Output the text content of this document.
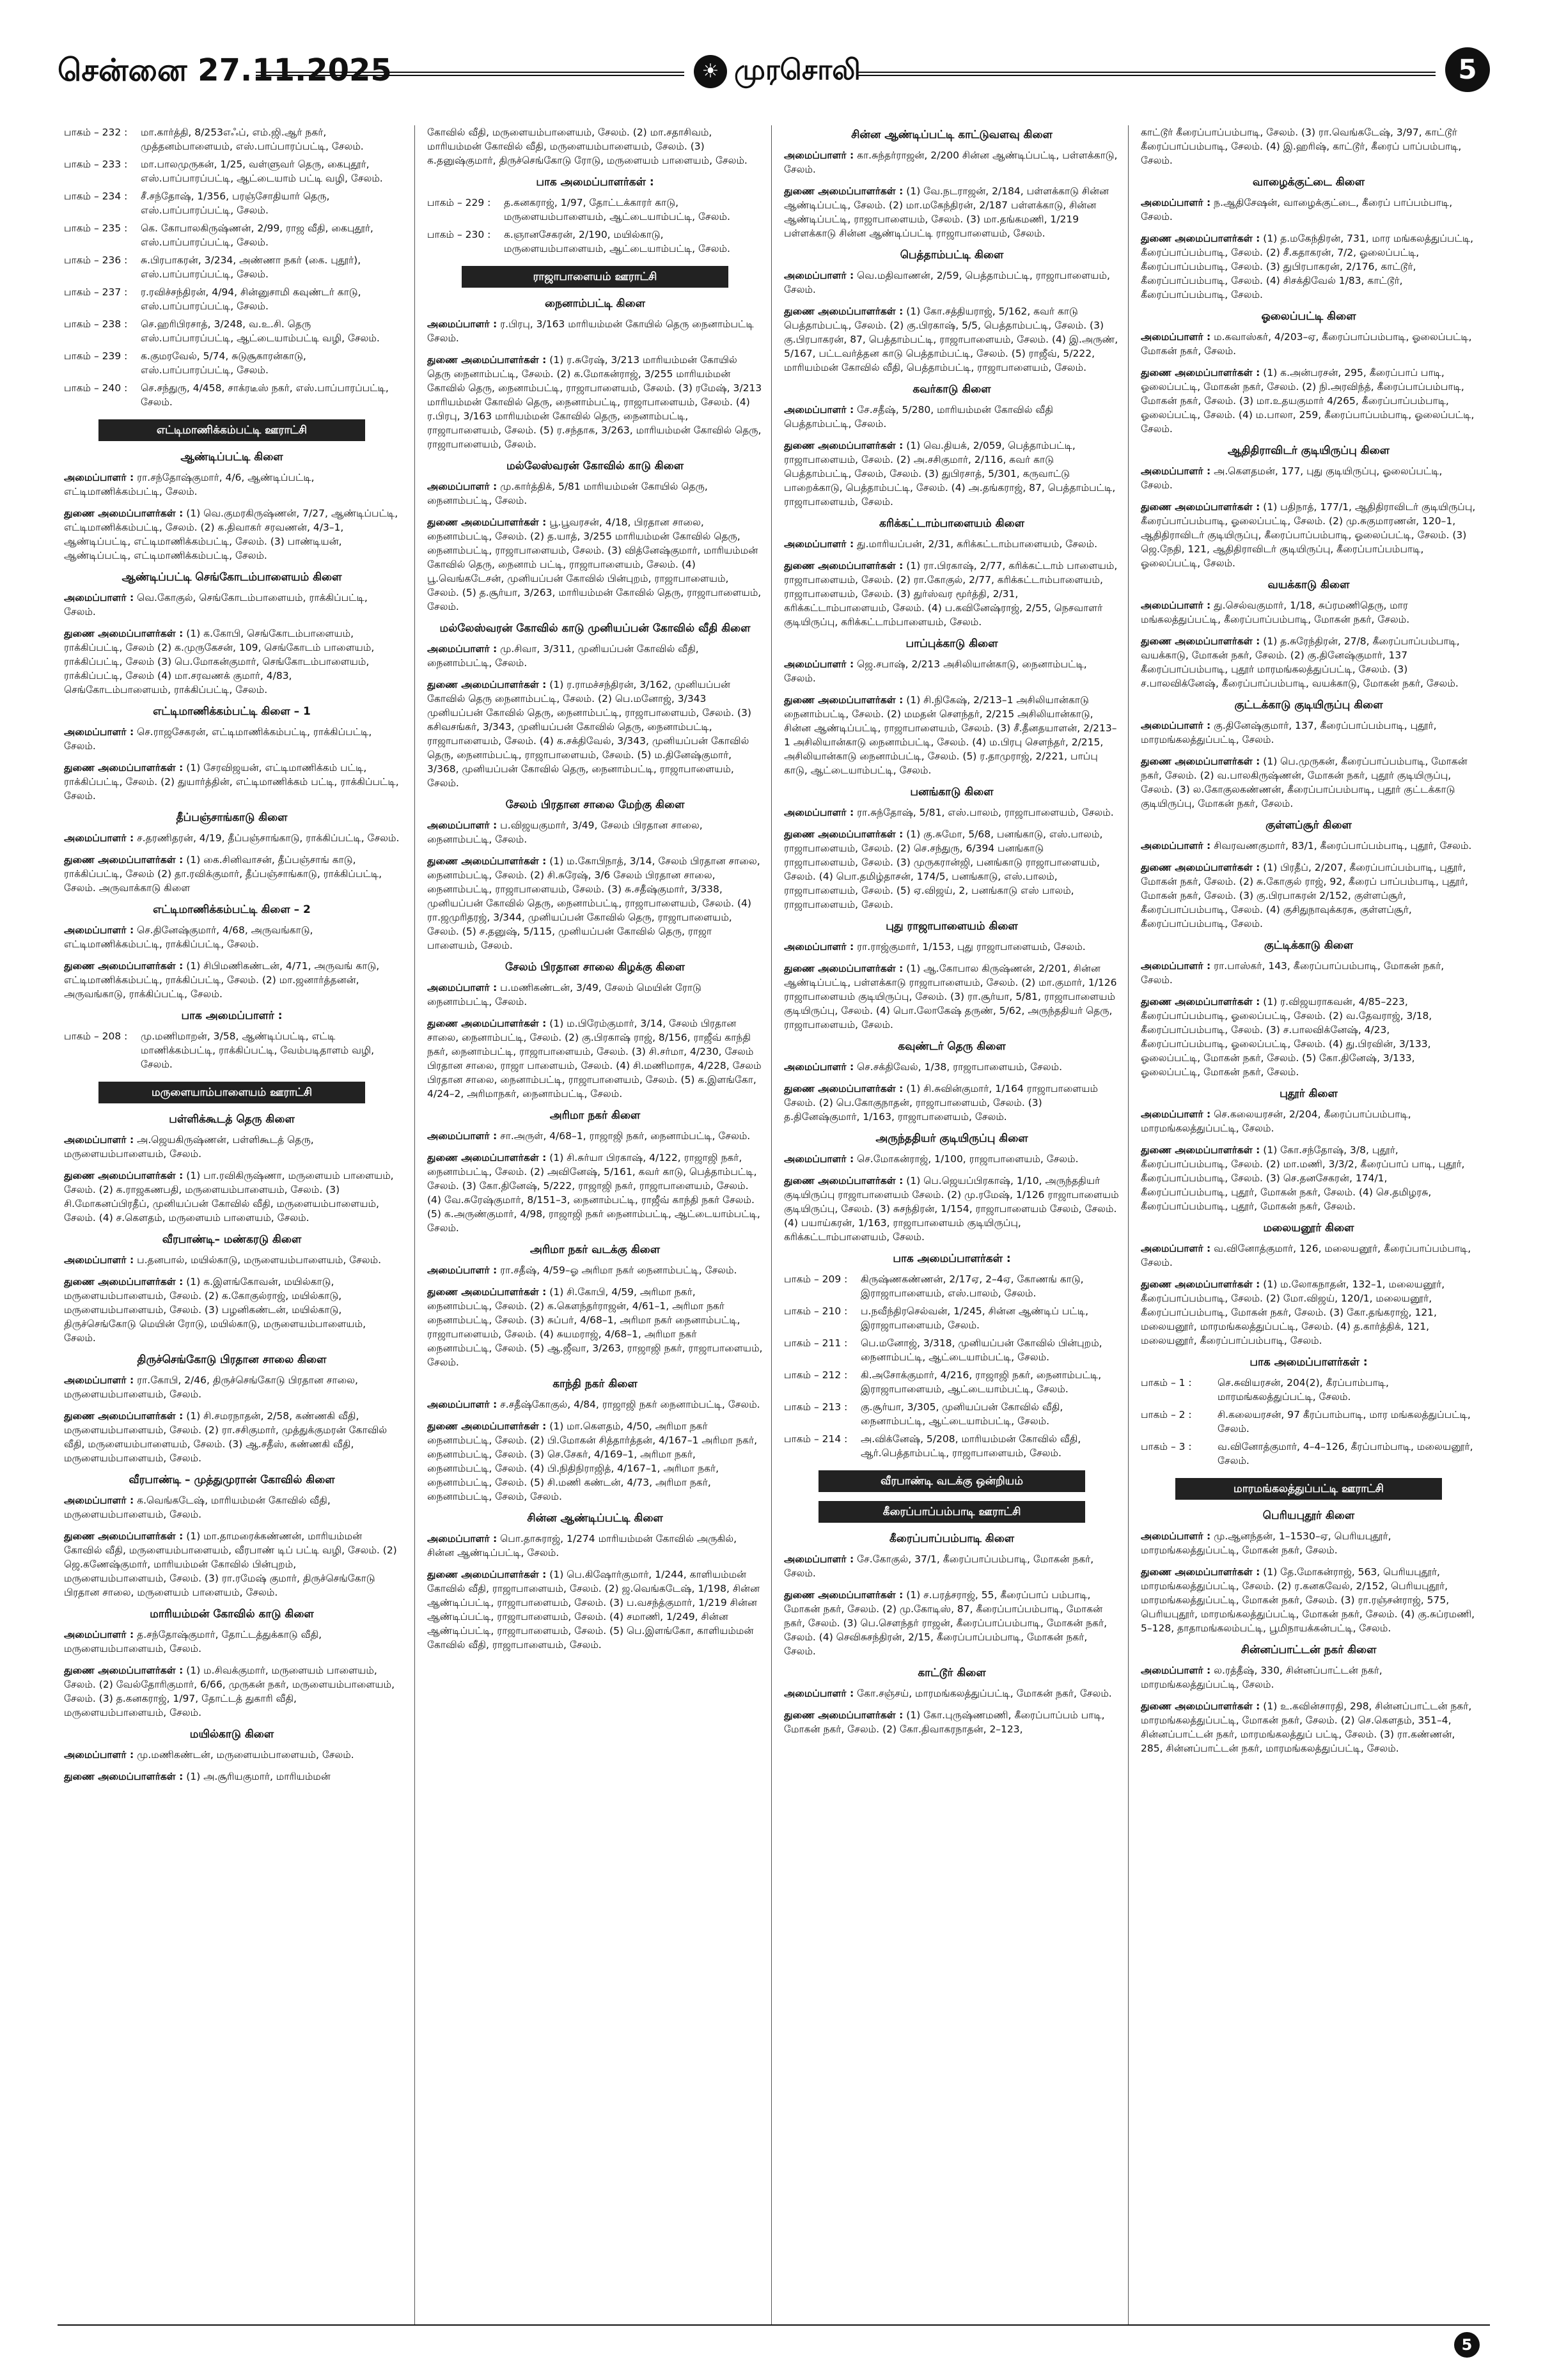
சென்னை 27.11.2025	☀ முரசொலி	5
பாகம் – 232 :	மா.கார்த்தி, 8/253எஃப், எம்.ஜி.ஆர் நகர், முத்தனம்பாளையம், எஸ்.பாப்பாரப்பட்டி, சேலம்.
பாகம் – 233 :	மா.பாலமுருகன், 1/25, வள்ளுவர் தெரு, கைபுதூர், எஸ்.பாப்பாரப்பட்டி, ஆட்டையாம் பட்டி வழி, சேலம்.
பாகம் – 234 :	சீ.சந்தோஷ், 1/356, பரஞ்சோதியார் தெரு, எஸ்.பாப்பாரப்பட்டி, சேலம்.
பாகம் – 235 :	கெ. கோபாலகிருஷ்ணன், 2/99, ராஜ வீதி, கைபுதூர், எஸ்.பாப்பாரப்பட்டி, சேலம்.
பாகம் – 236 :	சு.பிரபாகரன், 3/234, அண்ணா நகர் (கை. புதூர்), எஸ்.பாப்பாரப்பட்டி, சேலம்.
பாகம் – 237 :	ர.ரவிச்சந்திரன், 4/94, சின்னுசாமி கவுண்டர் காடு, எஸ்.பாப்பாரப்பட்டி, சேலம்.
பாகம் – 238 :	செ.ஹரிபிரசாத், 3/248, வ.உ.சி. தெரு எஸ்.பாப்பாரப்பட்டி, ஆட்டையாம்பட்டி வழி, சேலம்.
பாகம் – 239 :	க.குமரவேல், 5/74, சுடுசூகாரன்காடு, எஸ்.பாப்பாரப்பட்டி, சேலம்.
பாகம் – 240 :	செ.சந்துரு, 4/458, சாக்ரடீஸ் நகர், எஸ்.பாப்பாரப்பட்டி, சேலம்.
எட்டிமாணிக்கம்பட்டி ஊராட்சி
ஆண்டிப்பட்டி கிளை

அமைப்பாளர் : ரா.சந்தோஷ்குமார், 4/6, ஆண்டிப்பட்டி, எட்டிமாணிக்கம்பட்டி, சேலம்.

துணை அமைப்பாளர்கள் : (1) வெ.குமரகிருஷ்ணன், 7/27, ஆண்டிப்பட்டி, எட்டிமாணிக்கம்பட்டி, சேலம். (2) க.திவாகர் சரவணன், 4/3–1, ஆண்டிப்பட்டி, எட்டிமாணிக்கம்பட்டி, சேலம். (3) பாண்டியன், ஆண்டிப்பட்டி, எட்டிமாணிக்கம்பட்டி, சேலம்.

ஆண்டிப்பட்டி செங்கோடம்பாளையம் கிளை

அமைப்பாளர் : வெ.கோகுல், செங்கோடம்பாளையம், ராக்கிப்பட்டி, சேலம்.

துணை அமைப்பாளர்கள் : (1) க.கோபி, செங்கோடம்பாளையம், ராக்கிப்பட்டி, சேலம் (2) க.முருகேசன், 109, செங்கோடம் பாளையம், ராக்கிப்பட்டி, சேலம் (3) பெ.மோகன்குமார், செங்கோடம்பாளையம், ராக்கிப்பட்டி, சேலம் (4) மா.சரவணக் குமார், 4/83, செங்கோடம்பாளையம், ராக்கிப்பட்டி, சேலம்.

எட்டிமாணிக்கம்பட்டி கிளை – 1

அமைப்பாளர் : செ.ராஜசேகரன், எட்டிமாணிக்கம்பட்டி, ராக்கிப்பட்டி, சேலம்.

துணை அமைப்பாளர்கள் : (1) சேரவிஜயன், எட்டிமாணிக்கம் பட்டி, ராக்கிப்பட்டி, சேலம். (2) துயார்த்தின், எட்டிமாணிக்கம் பட்டி, ராக்கிப்பட்டி, சேலம்.

தீப்பஞ்சாங்காடு கிளை

அமைப்பாளர் : ச.தரணிதரன், 4/19, தீப்பஞ்சாங்காடு, ராக்கிப்பட்டி, சேலம்.

துணை அமைப்பாளர்கள் : (1) கை.சினிவாசன், தீப்பஞ்சாங் காடு, ராக்கிப்பட்டி, சேலம் (2) தா.ரவிக்குமார், தீப்பஞ்சாங்காடு, ராக்கிப்பட்டி, சேலம். அருவாக்காடு கிளை

எட்டிமாணிக்கம்பட்டி கிளை – 2

அமைப்பாளர் : செ.தினேஷ்குமார், 4/68, அருவங்காடு, எட்டிமாணிக்கம்பட்டி, ராக்கிப்பட்டி, சேலம்.

துணை அமைப்பாளர்கள் : (1) சிபிமணிகண்டன், 4/71, அருவங் காடு, எட்டிமாணிக்கம்பட்டி, ராக்கிப்பட்டி, சேலம். (2) மா.ஜனார்த்தனன், அருவங்காடு, ராக்கிப்பட்டி, சேலம்.

பாக அமைப்பாளர் :
பாகம் – 208 :	மு.மணிமாறன், 3/58, ஆண்டிப்பட்டி, எட்டி மாணிக்கம்பட்டி, ராக்கிப்பட்டி, வேம்படிதாளம் வழி, சேலம்.
மருளையாம்பாளையம் ஊராட்சி
பள்ளிக்கூடத் தெரு கிளை

அமைப்பாளர் : அ.ஜெயகிருஷ்ணன், பள்ளிகூடத் தெரு, மருளையம்பாளையம், சேலம்.

துணை அமைப்பாளர்கள் : (1) பா.ரவிகிருஷ்ணா, மருளையம் பாளையம், சேலம். (2) க.ராஜகணபதி, மருளையம்பாளையம், சேலம். (3) சி.மோகனப்பிரதீப், முனியப்பன் கோவில் வீதி, மருளையம்பாளையம், சேலம். (4) ச.கௌதம், மருளையம் பாளையம், சேலம்.

வீரபாண்டி– மண்கரடு கிளை

அமைப்பாளர் : ப.தனபால், மயில்காடு, மருளையம்பாளையம், சேலம்.

துணை அமைப்பாளர்கள் : (1) க.இளங்கோவன், மயில்காடு, மருளையம்பாளையம், சேலம். (2) க.கோகுல்ராஜ், மயில்காடு, மருளையம்பாளையம், சேலம். (3) பழனிகண்டன், மயில்காடு, திருச்செங்கோடு மெயின் ரோடு, மயில்காடு, மருளையம்பாளையம், சேலம்.

திருச்செங்கோடு பிரதான சாலை கிளை

அமைப்பாளர் : ரா.கோபி, 2/46, திருச்செங்கோடு பிரதான சாலை, மருளையம்பாளையம், சேலம்.

துணை அமைப்பாளர்கள் : (1) சி.சமரநாதன், 2/58, கண்ணகி வீதி, மருளையம்பாளையம், சேலம். (2) ரா.சசிகுமார், முத்துக்குமரன் கோவில் வீதி, மருளையம்பாளையம், சேலம். (3) ஆ.சதீஸ், கண்ணகி வீதி, மருளையம்பாளையம், சேலம்.

வீரபாண்டி – முத்துமுரான் கோவில் கிளை

அமைப்பாளர் : க.வெங்கடேஷ், மாரியம்மன் கோவில் வீதி, மருளையம்பாளையம், சேலம்.

துணை அமைப்பாளர்கள் : (1) மா.தாமரைக்கண்ணன், மாரியம்மன் கோவில் வீதி, மருளையம்பாளையம், வீரபாண் டிப் பட்டி வழி, சேலம். (2) ஜெ.கணேஷ்குமார், மாரியம்மன் கோவில் பின்புறம், மருளையம்பாளையம், சேலம். (3) ரா.ரமேஷ் குமார், திருச்செங்கோடு பிரதான சாலை, மருளையம் பாளையம், சேலம்.

மாரியம்மன் கோவில் காடு கிளை

அமைப்பாளர் : த.சந்தோஷ்குமார், தோட்டத்துக்காடு வீதி, மருளையம்பாளையம், சேலம்.

துணை அமைப்பாளர்கள் : (1) ம.சிவக்குமார், மருளையம் பாளையம், சேலம். (2) வேல்தோரிகுமார், 6/66, முருகன் நகர், மருளையம்பாளையம், சேலம். (3) த.கனகராஜ், 1/97, தோட்டத் துகாரி வீதி, மருளையம்பாளையம், சேலம்.

மயில்காடு கிளை

அமைப்பாளர் : மு.மணிகண்டன், மருளையம்பாளையம், சேலம்.

துணை அமைப்பாளர்கள் : (1) அ.சூரியகுமார், மாரியம்மன்

கோவில் வீதி, மருளையம்பாளையம், சேலம். (2) மா.சதாசிவம், மாரியம்மன் கோவில் வீதி, மருளையம்பாளையம், சேலம். (3) க.தனுஷ்குமார், திருச்செங்கோடு ரோடு, மருளையம் பாளையம், சேலம்.

பாக அமைப்பாளர்கள் :
பாகம் – 229 :	த.கனகராஜ், 1/97, தோட்டக்காரர் காடு, மருளையம்பாளையம், ஆட்டையாம்பட்டி, சேலம்.
பாகம் – 230 :	க.ஞானசேகரன், 2/190, மயில்காடு, மருளையம்பாளையம், ஆட்டையாம்பட்டி, சேலம்.
ராஜாபாளையம் ஊராட்சி
நைனாம்பட்டி கிளை

அமைப்பாளர் : ர.பிரபு, 3/163 மாரியம்மன் கோயில் தெரு நைனாம்பட்டி சேலம்.

துணை அமைப்பாளர்கள் : (1) ர.சுரேஷ், 3/213 மாரியம்மன் கோயில் தெரு நைனாம்பட்டி, சேலம். (2) க.மோகன்ராஜ், 3/255 மாரியம்மன் கோவில் தெரு, நைனாம்பட்டி, ராஜாபாளையம், சேலம். (3) ரமேஷ், 3/213 மாரியம்மன் கோவில் தெரு, நைனாம்பட்டி, ராஜாபாளையம், சேலம். (4) ர.பிரபு, 3/163 மாரியம்மன் கோவில் தெரு, நைனாம்பட்டி, ராஜாபாளையம், சேலம். (5) ர.சந்தாக, 3/263, மாரியம்மன் கோவில் தெரு, ராஜாபாளையம், சேலம்.

மல்லேஸ்வரன் கோவில் காடு கிளை

அமைப்பாளர் : மு.கார்த்திக், 5/81 மாரியம்மன் கோயில் தெரு, நைனாம்பட்டி, சேலம்.

துணை அமைப்பாளர்கள் : பூ.பூவரசன், 4/18, பிரதான சாலை, நைனாம்பட்டி, சேலம். (2) த.யாத், 3/255 மாரியம்மன் கோவில் தெரு, நைனாம்பட்டி, ராஜாபாளையம், சேலம். (3) வித்னேஷ்குமார், மாரியம்மன் கோவில் தெரு, நைனாம் பட்டி, ராஜாபாளையம், சேலம். (4) பூ.வெங்கடேசன், முனியப்பன் கோவில் பின்புறம், ராஜாபாளையம், சேலம். (5) த.சூர்யா, 3/263, மாரியம்மன் கோவில் தெரு, ராஜாபாளையம், சேலம்.

மல்லேஸ்வரன் கோவில் காடு முனியப்பன் கோவில் வீதி கிளை

அமைப்பாளர் : மு.சிவா, 3/311, முனியப்பன் கோவில் வீதி, நைனாம்பட்டி, சேலம்.

துணை அமைப்பாளர்கள் : (1) ர.ராமச்சந்திரன், 3/162, முனியப்பன் கோவில் தெரு நைனாம்பட்டி, சேலம். (2) பெ.மனோஜ், 3/343 முனியப்பன் கோவில் தெரு, நைனாம்பட்டி, ராஜாபாளையம், சேலம். (3) கசிவசங்கர், 3/343, முனியப்பன் கோவில் தெரு, நைனாம்பட்டி, ராஜாபாளையம், சேலம். (4) க.சக்திவேல், 3/343, முனியப்பன் கோவில் தெரு, நைனாம்பட்டி, ராஜாபாளையம், சேலம். (5) ம.தினேஷ்குமார், 3/368, முனியப்பன் கோவில் தெரு, நைனாம்பட்டி, ராஜாபாளையம், சேலம்.

சேலம் பிரதான சாலை மேற்கு கிளை

அமைப்பாளர் : ப.விஜயகுமார், 3/49, சேலம் பிரதான சாலை, நைனாம்பட்டி, சேலம்.

துணை அமைப்பாளர்கள் : (1) ம.கோபிநாத், 3/14, சேலம் பிரதான சாலை, நைனாம்பட்டி, சேலம். (2) சி.சுரேஷ், 3/6 சேலம் பிரதான சாலை, நைனாம்பட்டி, ராஜாபாளையம், சேலம். (3) சு.சதீஷ்குமார், 3/338, முனியப்பன் கோவில் தெரு, நைனாம்பட்டி, ராஜாபாளையம், சேலம். (4) ரா.ஜமுரிதரஜ், 3/344, முனியப்பன் கோவில் தெரு, ராஜாபாளையம், சேலம். (5) ச.தனுஷ், 5/115, முனியப்பன் கோவில் தெரு, ராஜா பாளையம், சேலம்.

சேலம் பிரதான சாலை கிழக்கு கிளை

அமைப்பாளர் : ப.மணிகண்டன், 3/49, சேலம் மெயின் ரோடு நைனாம்பட்டி, சேலம்.

துணை அமைப்பாளர்கள் : (1) ம.பிரேம்குமார், 3/14, சேலம் பிரதான சாலை, நைனாம்பட்டி, சேலம். (2) கு.பிரகாஷ் ராஜ், 8/156, ராஜீவ் காந்தி நகர், நைனாம்பட்டி, ராஜாபாளையம், சேலம். (3) சி.சர்மா, 4/230, சேலம் பிரதான சாலை, ராஜா பாளையம், சேலம். (4) சி.மணிமாரசு, 4/228, சேலம் பிரதான சாலை, நைனாம்பட்டி, ராஜாபாளையம், சேலம். (5) க.இளங்கோ, 4/24–2, அரிமாநகர், நைனாம்பட்டி, சேலம்.

அரிமா நகர் கிளை

அமைப்பாளர் : சா.அருள், 4/68–1, ராஜாஜி நகர், நைனாம்பட்டி, சேலம்.

துணை அமைப்பாளர்கள் : (1) சி.சுர்யா பிரகாஷ், 4/122, ராஜாஜி நகர், நைனாம்பட்டி, சேலம். (2) அவினேஷ், 5/161, கவர் காடு, பெத்தாம்பட்டி, சேலம். (3) கோ.தினேஷ், 5/222, ராஜாஜி நகர், ராஜாபாளையம், சேலம். (4) வே.சுரேஷ்குமார், 8/151–3, நைனாம்பட்டி, ராஜீவ் காந்தி நகர் சேலம். (5) க.அருண்குமார், 4/98, ராஜாஜி நகர் நைனாம்பட்டி, ஆட்டையாம்பட்டி, சேலம்.

அரிமா நகர் வடக்கு கிளை

அமைப்பாளர் : ரா.சதீஷ், 4/59–ஓ அரிமா நகர் நைனாம்பட்டி, சேலம்.

துணை அமைப்பாளர்கள் : (1) சி.கோபி, 4/59, அரிமா நகர், நைனாம்பட்டி, சேலம். (2) க.கௌந்தர்ராஜன், 4/61–1, அரிமா நகர் நைனாம்பட்டி, சேலம். (3) சுப்பர், 4/68–1, அரிமா நகர் நைனாம்பட்டி, ராஜாபாளையம், சேலம். (4) சுயமராஜ், 4/68–1, அரிமா நகர் நைனாம்பட்டி, சேலம். (5) ஆ.ஜீவா, 3/263, ராஜாஜி நகர், ராஜாபாளையம், சேலம்.

காந்தி நகர் கிளை

அமைப்பாளர் : ச.சதீஷ்கோகுல், 4/84, ராஜாஜி நகர் நைனாம்பட்டி, சேலம்.

துணை அமைப்பாளர்கள் : (1) மா.கௌதம், 4/50, அரிமா நகர் நைனாம்பட்டி, சேலம். (2) பி.மோகன் சித்தார்த்தன், 4/167–1 அரிமா நகர், நைனாம்பட்டி, சேலம். (3) செ.சேகர், 4/169–1, அரிமா நகர், நைனாம்பட்டி, சேலம். (4) பி.நிதிநிராஜித், 4/167–1, அரிமா நகர், நைனாம்பட்டி, சேலம். (5) சி.மணி கண்டன், 4/73, அரிமா நகர், நைனாம்பட்டி, சேலம், சேலம்.

சின்ன ஆண்டிப்பட்டி கிளை

அமைப்பாளர் : பொ.தாசுராஜ், 1/274 மாரியம்மன் கோவில் அருகில், சின்ன ஆண்டிப்பட்டி, சேலம்.

துணை அமைப்பாளர்கள் : (1) பெ.கிஷோர்குமார், 1/244, காளியம்மன் கோவில் வீதி, ராஜாபாளையம், சேலம். (2) ஜ.வெங்கடேஷ், 1/198, சின்ன ஆண்டிப்பட்டி, ராஜாபாளையம், சேலம். (3) ப.வசந்த்குமார், 1/219 சின்ன ஆண்டிப்பட்டி, ராஜாபாளையம், சேலம். (4) சமாணி, 1/249, சின்ன ஆண்டிப்பட்டி, ராஜாபாளையம், சேலம். (5) பெ.இளங்கோ, காளியம்மன் கோவில் வீதி, ராஜாபாளையம், சேலம்.

சின்ன ஆண்டிப்பட்டி காட்டுவளவு கிளை

அமைப்பாளர் : கா.சுந்தர்ராஜன், 2/200 சின்ன ஆண்டிப்பட்டி, பள்ளக்காடு, சேலம்.

துணை அமைப்பாளர்கள் : (1) வே.நடராஜன், 2/184, பள்ளக்காடு சின்ன ஆண்டிப்பட்டி, சேலம். (2) மா.மகேந்திரன், 2/187 பள்ளக்காடு, சின்ன ஆண்டிப்பட்டி, ராஜாபாளையம், சேலம். (3) மா.தங்கமணி, 1/219 பள்ளக்காடு சின்ன ஆண்டிப்பட்டி ராஜாபாளையம், சேலம்.

பெத்தாம்பட்டி கிளை

அமைப்பாளர் : வெ.மதிவாணன், 2/59, பெத்தாம்பட்டி, ராஜாபாளையம், சேலம்.

துணை அமைப்பாளர்கள் : (1) கோ.சத்தியராஜ், 5/162, கவர் காடு பெத்தாம்பட்டி, சேலம். (2) கு.பிரகாஷ், 5/5, பெத்தாம்பட்டி, சேலம். (3) கு.பிரபாகரன், 87, பெத்தாம்பட்டி, ராஜாபாளையம், சேலம். (4) இ.அருண், 5/167, பட்டவர்த்தன காடு பெத்தாம்பட்டி, சேலம். (5) ராஜீவ், 5/222, மாரியம்மன் கோவில் வீதி, பெத்தாம்பட்டி, ராஜாபாளையம், சேலம்.

கவர்காடு கிளை

அமைப்பாளர் : சே.சதீஷ், 5/280, மாரியம்மன் கோவில் வீதி பெத்தாம்பட்டி, சேலம்.

துணை அமைப்பாளர்கள் : (1) வெ.தியக், 2/059, பெத்தாம்பட்டி, ராஜாபாளையம், சேலம். (2) அ.சசிகுமார், 2/116, கவர் காடு பெத்தாம்பட்டி, சேலம், சேலம். (3) துபிரசாத், 5/301, கருவாட்டு பாறைக்காடு, பெத்தாம்பட்டி, சேலம். (4) அ.தங்கராஜ், 87, பெத்தாம்பட்டி, ராஜாபாளையம், சேலம்.

கரிக்கட்டாம்பாளையம் கிளை

அமைப்பாளர் : து.மாரியப்பன், 2/31, கரிக்கட்டாம்பாளையம், சேலம்.

துணை அமைப்பாளர்கள் : (1) ரா.பிரகாஷ், 2/77, கரிக்கட்டாம் பாளையம், ராஜாபாளையம், சேலம். (2) ரா.கோகுல், 2/77, கரிக்கட்டாம்பாளையம், ராஜாபாளையம், சேலம். (3) துர்ஸ்வர மூர்த்தி, 2/31, கரிக்கட்டாம்பாளையம், சேலம். (4) ப.கவினேஷ்ராஜ், 2/55, நெசவாளர் குடியிருப்பு, கரிக்கட்டாம்பாளையம், சேலம்.

பாப்புக்காடு கிளை

அமைப்பாளர் : ஜெ.சபாஷ், 2/213 அசிலியான்காடு, நைனாம்பட்டி, சேலம்.

துணை அமைப்பாளர்கள் : (1) சி.நிகேஷ், 2/213–1 அசிலியான்காடு நைனாம்பட்டி, சேலம். (2) மமதன் சௌந்தர், 2/215 அசிலியான்காடு, சின்ன ஆண்டிப்பட்டி, ராஜாபாளையம், சேலம். (3) சீ.தீனதயாளன், 2/213–1 அசிலியான்காடு நைனாம்பட்டி, சேலம். (4) ம.பிரபு சௌந்தர், 2/215, அசிலியான்காடு நைனாம்பட்டி, சேலம். (5) ர.தாமுராஜ், 2/221, பாப்பு காடு, ஆட்டையாம்பட்டி, சேலம்.

பனங்காடு கிளை

அமைப்பாளர் : ரா.சுந்தோஷ், 5/81, எஸ்.பாலம், ராஜாபாளையம், சேலம்.

துணை அமைப்பாளர்கள் : (1) கு.சுமோ, 5/68, பனங்காடு, எஸ்.பாலம், ராஜாபாளையம், சேலம். (2) செ.சந்துரு, 6/394 பனங்காடு ராஜாபாளையம், சேலம். (3) முருகரான்ஜி, பனங்காடு ராஜாபாளையம், சேலம். (4) பொ.தமிழ்தாசன், 174/5, பனங்காடு, எஸ்.பாலம், ராஜாபாளையம், சேலம். (5) ஏ.விஜய், 2, பனங்காடு எஸ் பாலம், ராஜாபாளையம், சேலம்.

புது ராஜாபாளையம் கிளை

அமைப்பாளர் : ரா.ராஜ்குமார், 1/153, புது ராஜாபாளையம், சேலம்.

துணை அமைப்பாளர்கள் : (1) ஆ.கோபால கிருஷ்ணன், 2/201, சின்ன ஆண்டிப்பட்டி, பள்ளக்காடு ராஜாபாளையம், சேலம். (2) மா.குமார், 1/126 ராஜாபாளையம் குடியிருப்பு, சேலம். (3) ரா.சூர்யா, 5/81, ராஜாபாளையம் குடியிருப்பு, சேலம். (4) பொ.லோகேஷ் தருண், 5/62, அருந்ததியர் தெரு, ராஜாபாளையம், சேலம்.

கவுண்டர் தெரு கிளை

அமைப்பாளர் : செ.சக்திவேல், 1/38, ராஜாபாளையம், சேலம்.

துணை அமைப்பாளர்கள் : (1) சி.சுவின்குமார், 1/164 ராஜாபாளையம் சேலம். (2) பெ.கோகுநாதன், ராஜாபாளையம், சேலம். (3) த.தினேஷ்குமார், 1/163, ராஜாபாளையம், சேலம்.

அருந்ததியர் குடியிருப்பு கிளை

அமைப்பாளர் : செ.மோகன்ராஜ், 1/100, ராஜாபாளையம், சேலம்.

துணை அமைப்பாளர்கள் : (1) பெ.ஜெயப்பிரகாஷ், 1/10, அருந்ததியர் குடியிருப்பு ராஜாபாளையம் சேலம். (2) மு.ரமேஷ், 1/126 ராஜாபாளையம் குடியிருப்பு, சேலம். (3) சுசந்திரன், 1/154, ராஜாபாளையம் சேலம், சேலம். (4) பயாய்கரன், 1/163, ராஜாபாளையம் குடியிருப்பு, கரிக்கட்டாம்பாளையம், சேலம்.

பாக அமைப்பாளர்கள் :
பாகம் – 209 :	கிருஷ்ணகண்ணன், 2/17ஏ, 2–4ஏ, கோணங் காடு, இராஜாபாளையம், எஸ்.பாலம், சேலம்.
பாகம் – 210 :	ப.நவீந்திரசெல்வன், 1/245, சின்ன ஆண்டிப் பட்டி, இராஜாபாளையம், சேலம்.
பாகம் – 211 :	பெ.மனோஜ், 3/318, முனியப்பன் கோவில் பின்புறம், நைனாம்பட்டி, ஆட்டையாம்பட்டி, சேலம்.
பாகம் – 212 :	கி.அசோக்குமார், 4/216, ராஜாஜி நகர், நைனாம்பட்டி, இராஜாபாளையம், ஆட்டையாம்பட்டி, சேலம்.
பாகம் – 213 :	கு.சூர்யா, 3/305, முனியப்பன் கோவில் வீதி, நைனாம்பட்டி, ஆட்டையாம்பட்டி, சேலம்.
பாகம் – 214 :	அ.விக்னேஷ், 5/208, மாரியம்மன் கோவில் வீதி, ஆர்.பெத்தாம்பட்டி, ராஜாபாளையம், சேலம்.
வீரபாண்டி வடக்கு ஒன்றியம்
கீரைப்பாப்பம்பாடி ஊராட்சி
கீரைப்பாப்பம்பாடி கிளை

அமைப்பாளர் : சே.கோகுல், 37/1, கீரைப்பாப்பம்பாடி, மோகன் நகர், சேலம்.

துணை அமைப்பாளர்கள் : (1) ச.பரத்சராஜ், 55, கீரைப்பாப் பம்பாடி, மோகன் நகர், சேலம். (2) மு.கோடிஸ், 87, கீரைப்பாப்பம்பாடி, மோகன் நகர், சேலம். (3) பெ.சௌந்தர் ராஜன், கீரைப்பாப்பம்பாடி, மோகன் நகர், சேலம். (4) செவிசுசந்திரன், 2/15, கீரைப்பாப்பம்பாடி, மோகன் நகர், சேலம்.

காட்டூர் கிளை

அமைப்பாளர் : கோ.சஞ்சய், மாரமங்கலத்துப்பட்டி, மோகன் நகர், சேலம்.

துணை அமைப்பாளர்கள் : (1) கோ.புருஷ்ணமணி, கீரைப்பாப்பம் பாடி, மோகன் நகர், சேலம். (2) கோ.திவாகரநாதன், 2–123,

காட்டூர் கீரைப்பாப்பம்பாடி, சேலம். (3) ரா.வெங்கடேஷ், 3/97, காட்டூர் கீரைப்பாப்பம்பாடி, சேலம். (4) இ.ஹரிஷ், காட்டூர், கீரைப் பாப்பம்பாடி, சேலம்.

வாழைக்குட்டை கிளை

அமைப்பாளர் : ந.ஆதிசேஷன், வாழைக்குட்டை, கீரைப் பாப்பம்பாடி, சேலம்.

துணை அமைப்பாளர்கள் : (1) த.மகேந்திரன், 731, மார மங்கலத்துப்பட்டி, கீரைப்பாப்பம்பாடி, சேலம். (2) சீ.கதாகரன், 7/2, ஓலைப்பட்டி, கீரைப்பாப்பம்பாடி, சேலம். (3) துபிரபாகரன், 2/176, காட்டூர், கீரைப்பாப்பம்பாடி, சேலம். (4) சிசக்திவேல் 1/83, காட்டூர், கீரைப்பாப்பம்பாடி, சேலம்.

ஓலைப்பட்டி கிளை

அமைப்பாளர் : ம.கவாஸ்கர், 4/203–ஏ, கீரைப்பாப்பம்பாடி, ஓலைப்பட்டி, மோகன் நகர், சேலம்.

துணை அமைப்பாளர்கள் : (1) க.அன்பரசன், 295, கீரைப்பாப் பாடி, ஓலைப்பட்டி, மோகன் நகர், சேலம். (2) நி.அரவிந்த், கீரைப்பாப்பம்பாடி, மோகன் நகர், சேலம். (3) மா.உதயகுமார் 4/265, கீரைப்பாப்பம்பாடி, ஓலைப்பட்டி, சேலம். (4) ம.பாலா, 259, கீரைப்பாப்பம்பாடி, ஓலைப்பட்டி, சேலம்.

ஆதிதிராவிடர் குடியிருப்பு கிளை

அமைப்பாளர் : அ.கௌதமன், 177, புது குடியிருப்பு, ஓலைப்பட்டி, சேலம்.

துணை அமைப்பாளர்கள் : (1) பதிநாத், 177/1, ஆதிதிராவிடர் குடியிருப்பு, கீரைப்பாப்பம்பாடி, ஓலைப்பட்டி, சேலம். (2) மு.சுகுமாரணன், 120–1, ஆதிதிராவிடர் குடியிருப்பு, கீரைப்பாப்பம்பாடி, ஓலைப்பட்டி, சேலம். (3) ஜெ.நேதி, 121, ஆதிதிராவிடர் குடியிருப்பு, கீரைப்பாப்பம்பாடி, ஓலைப்பட்டி, சேலம்.

வயக்காடு கிளை

அமைப்பாளர் : து.செல்வகுமார், 1/18, சுப்ரமணிதெரு, மார மங்கலத்துப்பட்டி, கீரைப்பாப்பம்பாடி, மோகன் நகர், சேலம்.

துணை அமைப்பாளர்கள் : (1) த.சுரேந்திரன், 27/8, கீரைப்பாப்பம்பாடி, வயக்காடு, மோகன் நகர், சேலம். (2) கு.தினேஷ்குமார், 137 கீரைப்பாப்பம்பாடி, புதூர் மாரமங்கலத்துப்பட்டி, சேலம். (3) ச.பாலவிக்னேஷ், கீரைப்பாப்பம்பாடி, வயக்காடு, மோகன் நகர், சேலம்.

குட்டக்காடு குடியிருப்பு கிளை

அமைப்பாளர் : கு.தினேஷ்குமார், 137, கீரைப்பாப்பம்பாடி, புதூர், மாரமங்கலத்துப்பட்டி, சேலம்.

துணை அமைப்பாளர்கள் : (1) பெ.முருகன், கீரைப்பாப்பம்பாடி, மோகன் நகர், சேலம். (2) வ.பாலகிருஷ்ணன், மோகன் நகர், புதூர் குடியிருப்பு, சேலம். (3) ல.கோகுலகண்ணன், கீரைப்பாப்பம்பாடி, புதூர் குட்டக்காடு குடியிருப்பு, மோகன் நகர், சேலம்.

குள்ளப்சூர் கிளை

அமைப்பாளர் : சிவரவணகுமார், 83/1, கீரைப்பாப்பம்பாடி, புதூர், சேலம்.

துணை அமைப்பாளர்கள் : (1) பிரதீப், 2/207, கீரைப்பாப்பம்பாடி, புதூர், மோகன் நகர், சேலம். (2) சு.கோகுல் ராஜ், 92, கீரைப் பாப்பம்பாடி, புதூர், மோகன் நகர், சேலம். (3) கு.பிரபாகரன் 2/152, குள்ளப்சூர், கீரைப்பாப்பம்பாடி, சேலம். (4) குசிதுநாவுக்கரசு, குள்ளப்சூர், கீரைப்பாப்பம்பாடி, சேலம்.

குட்டிக்காடு கிளை

அமைப்பாளர் : ரா.பாஸ்கர், 143, கீரைப்பாப்பம்பாடி, மோகன் நகர், சேலம்.

துணை அமைப்பாளர்கள் : (1) ர.விஜயராகவன், 4/85–223, கீரைப்பாப்பம்பாடி, ஓலைப்பட்டி, சேலம். (2) வ.தேவராஜ், 3/18, கீரைப்பாப்பம்பாடி, சேலம். (3) ச.பாலவிக்னேஷ், 4/23, கீரைப்பாப்பம்பாடி, ஓலைப்பட்டி, சேலம். (4) து.பிரவின், 3/133, ஓலைப்பட்டி, மோகன் நகர், சேலம். (5) கோ.தினேஷ், 3/133, ஓலைப்பட்டி, மோகன் நகர், சேலம்.

புதூர் கிளை

அமைப்பாளர் : செ.கலையரசன், 2/204, கீரைப்பாப்பம்பாடி, மாரமங்கலத்துப்பட்டி, சேலம்.

துணை அமைப்பாளர்கள் : (1) கோ.சந்தோஷ், 3/8, புதூர், கீரைப்பாப்பம்பாடி, சேலம். (2) மா.மணி, 3/3/2, கீரைப்பாப் பாடி, புதூர், கீரைப்பாப்பம்பாடி, சேலம். (3) செ.தனசேகரன், 174/1, கீரைப்பாப்பம்பாடி, புதூர், மோகன் நகர், சேலம். (4) செ.தமிழரசு, கீரைப்பாப்பம்பாடி, புதூர், மோகன் நகர், சேலம்.

மலையனூர் கிளை

அமைப்பாளர் : வ.வினோத்குமார், 126, மலையனூர், கீரைப்பாப்பம்பாடி, சேலம்.

துணை அமைப்பாளர்கள் : (1) ம.லோகநாதன், 132–1, மலையனூர், கீரைப்பாப்பம்பாடி, சேலம். (2) மோ.விஜய், 120/1, மலையனூர், கீரைப்பாப்பம்பாடி, மோகன் நகர், சேலம். (3) கோ.தங்கராஜ், 121, மலையனூர், மாரமங்கலத்துப்பட்டி, சேலம். (4) த.கார்த்திக், 121, மலையனூர், கீரைப்பாப்பம்பாடி, சேலம்.

பாக அமைப்பாளர்கள் :
பாகம் – 1 :	செ.சுவியரசன், 204(2), கீரப்பாம்பாடி, மாரமங்கலத்துப்பட்டி, சேலம்.
பாகம் – 2 :	சி.கலையரசன், 97 கீரப்பாம்பாடி, மார மங்கலத்துப்பட்டி, சேலம்.
பாகம் – 3 :	வ.வினோத்குமார், 4–4–126, கீரப்பாம்பாடி, மலையனூர், சேலம்.
மாரமங்கலத்துப்பட்டி ஊராட்சி
பெரியபுதூர் கிளை

அமைப்பாளர் : மு.ஆனந்தன், 1–1530–ஏ, பெரியபுதூர், மாரமங்கலத்துப்பட்டி, மோகன் நகர், சேலம்.

துணை அமைப்பாளர்கள் : (1) தே.மோகன்ராஜ், 563, பெரியபுதூர், மாரமங்கலத்துப்பட்டி, சேலம். (2) ர.கனகவேல், 2/152, பெரியபுதூர், மாரமங்கலத்துப்பட்டி, மோகன் நகர், சேலம். (3) ரா.ரஞ்சன்ராஜ், 575, பெரியபுதூர், மாரமங்கலத்துப்பட்டி, மோகன் நகர், சேலம். (4) கு.சுப்ரமணி, 5–128, தாதாமங்கலம்பட்டி, பூமிநாயக்கன்பட்டி, சேலம்.

சின்னப்பாட்டன் நகர் கிளை

அமைப்பாளர் : ல.ரத்தீஷ், 330, சின்னப்பாட்டன் நகர், மாரமங்கலத்துப்பட்டி, சேலம்.

துணை அமைப்பாளர்கள் : (1) உ.கவின்சாரதி, 298, சின்னப்பாட்டன் நகர், மாரமங்கலத்துப்பட்டி, மோகன் நகர், சேலம். (2) செ.கௌதம், 351–4, சின்னப்பாட்டன் நகர், மாரமங்கலத்துப் பட்டி, சேலம். (3) ரா.கண்ணன், 285, சின்னப்பாட்டன் நகர், மாரமங்கலத்துப்பட்டி, சேலம்.

5
